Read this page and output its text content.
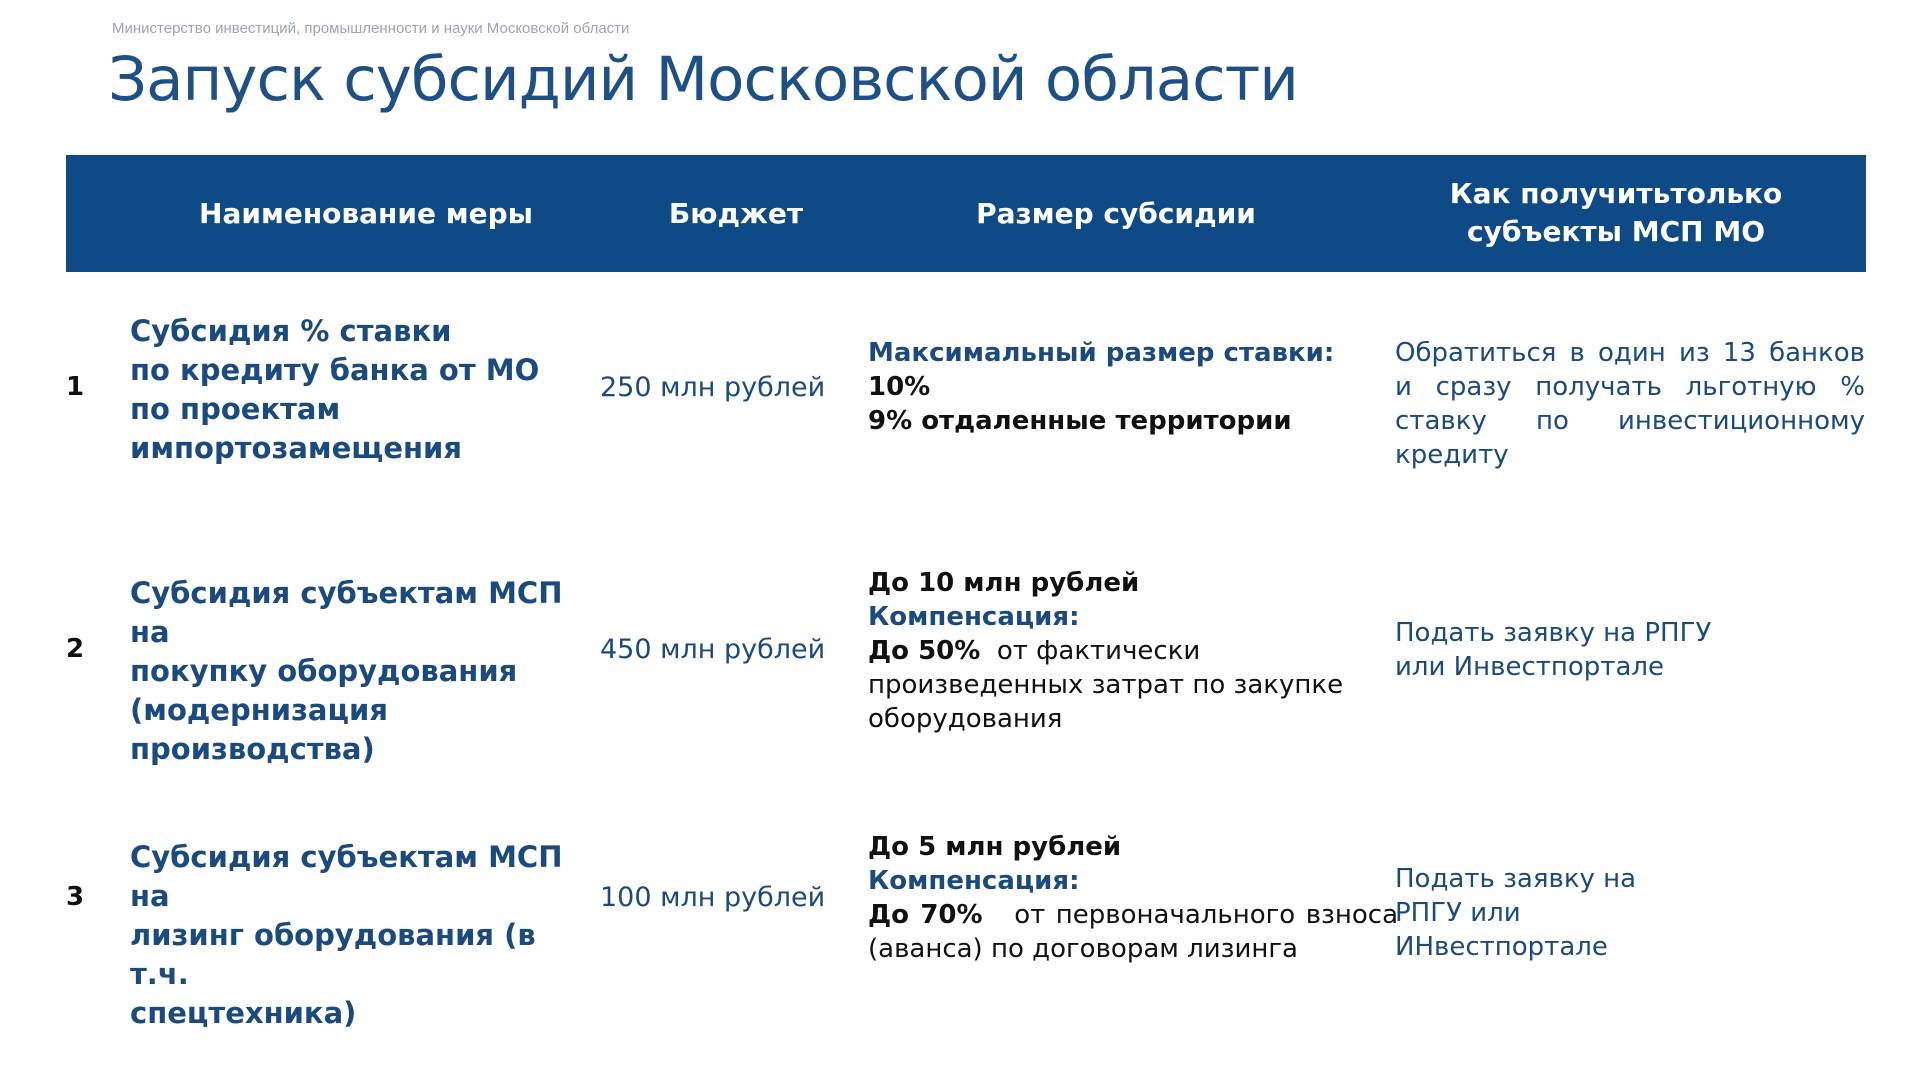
Министерство инвестиций, промышленности и науки Московской области
Запуск субсидий Московской области
Наименование меры	Бюджет	Размер субсидии
Как получитьтолько субъекты МСП МО
1
Субсидия % ставки
по кредиту банка от МО
по проектам
импортозамещения
250 млн рублей
Максимальный размер ставки:
10%
9% отдаленные территории
Обратиться в один из 13 банков и сразу получать льготную % ставку по инвестиционному кредиту
2
Субсидия субъектам МСП на
покупку оборудования
(модернизация
производства)
450 млн рублей
До 10 млн рублей
Компенсация:
До 50% от фактически произведенных затрат по закупке оборудования
Подать заявку на РПГУ или Инвестпортале
3
Субсидия субъектам МСП на
лизинг оборудования (в т.ч.
спецтехника)
100 млн рублей
До 5 млн рублей
Компенсация:
До 70% от первоначального взноса (аванса) по договорам лизинга
Подать заявку на РПГУ или ИНвестпортале
